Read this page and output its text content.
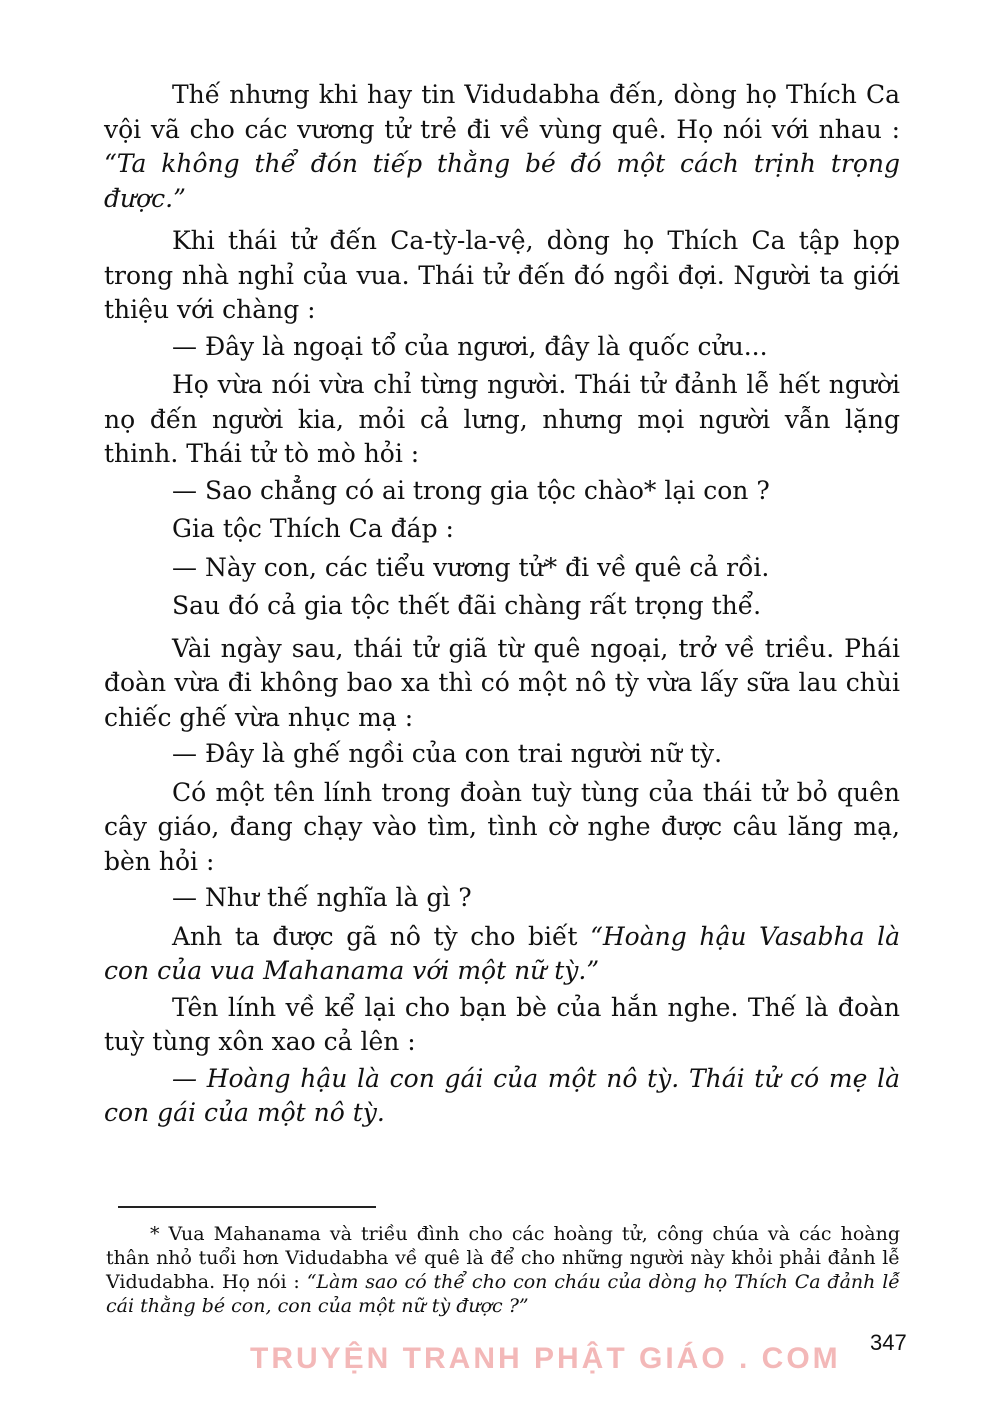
Thế nhưng khi hay tin Vidudabha đến, dòng họ Thích Ca vội vã cho các vương tử trẻ đi về vùng quê. Họ nói với nhau : “Ta không thể đón tiếp thằng bé đó một cách trịnh trọng được.”

Khi thái tử đến Ca-tỳ-la-vệ, dòng họ Thích Ca tập họp trong nhà nghỉ của vua. Thái tử đến đó ngồi đợi. Người ta giới thiệu với chàng :

— Đây là ngoại tổ của ngươi, đây là quốc cửu...

Họ vừa nói vừa chỉ từng người. Thái tử đảnh lễ hết người nọ đến người kia, mỏi cả lưng, nhưng mọi người vẫn lặng thinh. Thái tử tò mò hỏi :

— Sao chẳng có ai trong gia tộc chào* lại con ?

Gia tộc Thích Ca đáp :

— Này con, các tiểu vương tử* đi về quê cả rồi.

Sau đó cả gia tộc thết đãi chàng rất trọng thể.

Vài ngày sau, thái tử giã từ quê ngoại, trở về triều. Phái đoàn vừa đi không bao xa thì có một nô tỳ vừa lấy sữa lau chùi chiếc ghế vừa nhục mạ :

— Đây là ghế ngồi của con trai người nữ tỳ.

Có một tên lính trong đoàn tuỳ tùng của thái tử bỏ quên cây giáo, đang chạy vào tìm, tình cờ nghe được câu lăng mạ, bèn hỏi :

— Như thế nghĩa là gì ?

Anh ta được gã nô tỳ cho biết “Hoàng hậu Vasabha là con của vua Mahanama với một nữ tỳ.”

Tên lính về kể lại cho bạn bè của hắn nghe. Thế là đoàn tuỳ tùng xôn xao cả lên :

— Hoàng hậu là con gái của một nô tỳ. Thái tử có mẹ là con gái của một nô tỳ.

* Vua Mahanama và triều đình cho các hoàng tử, công chúa và các hoàng thân nhỏ tuổi hơn Vidudabha về quê là để cho những người này khỏi phải đảnh lễ Vidudabha. Họ nói : “Làm sao có thể cho con cháu của dòng họ Thích Ca đảnh lễ cái thằng bé con, con của một nữ tỳ được ?”

347
TRUYỆN TRANH PHẬT GIÁO . COM
